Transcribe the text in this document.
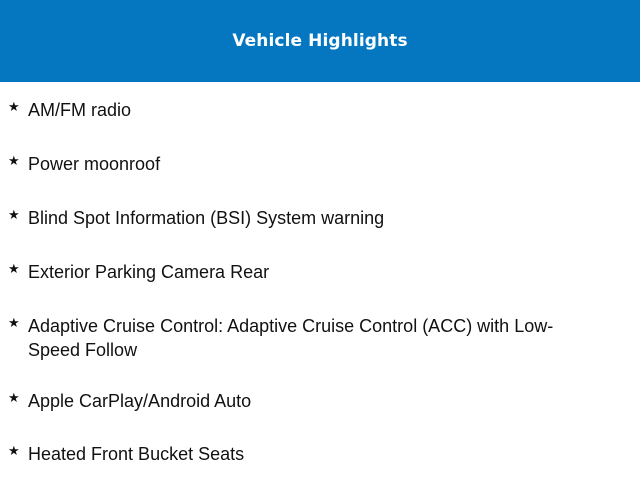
Vehicle Highlights
★ AM/FM radio
★ Power moonroof
★ Blind Spot Information (BSI) System warning
★ Exterior Parking Camera Rear
★ Adaptive Cruise Control: Adaptive Cruise Control (ACC) with Low-Speed Follow
★ Apple CarPlay/Android Auto
★ Heated Front Bucket Seats
